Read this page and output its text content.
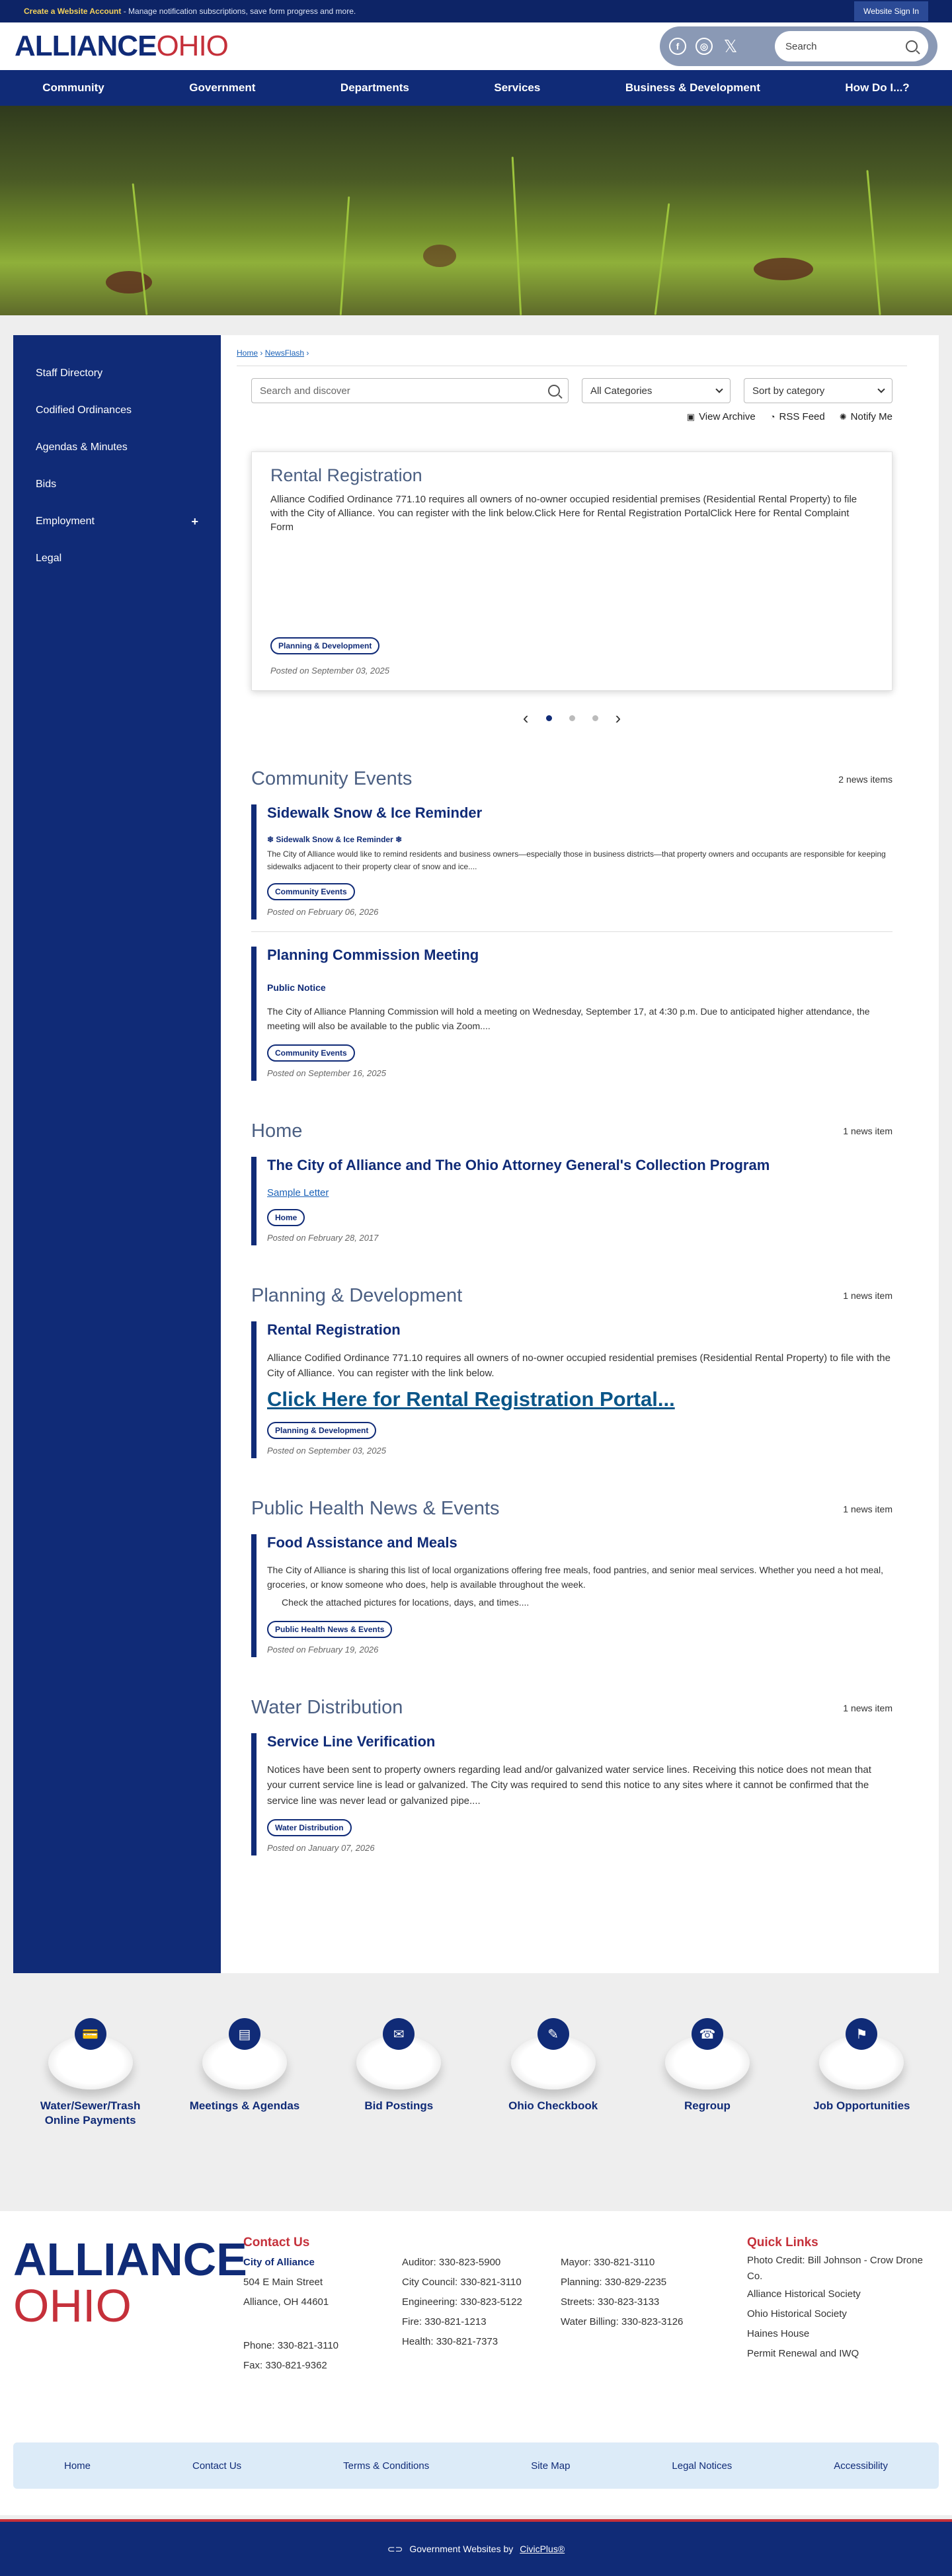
Create a Website Account - Manage notification subscriptions, save form progress and more.	Website Sign In
ALLIANCEOHIO	f	◎ 𝕏	Search
Community	Government	Departments	Services	Business & Development	How Do I...?
Staff Directory
Codified Ordinances
Agendas & Minutes
Bids
Employment	+
Legal
Home › NewsFlash ›
Search and discover	All Categories	Sort by category
▣ View Archive ◔ RSS Feed ✺ Notify Me
Rental Registration

Alliance Codified Ordinance 771.10 requires all owners of no-owner occupied residential premises (Residential Rental Property) to file with the City of Alliance. You can register with the link below.Click Here for Rental Registration PortalClick Here for Rental Complaint Form

Planning & Development
Posted on September 03, 2025
‹	›
Community Events	2 news items
Sidewalk Snow & Ice Reminder
❄ Sidewalk Snow & Ice Reminder ❄
The City of Alliance would like to remind residents and business owners—especially those in business districts—that property owners and occupants are responsible for keeping sidewalks adjacent to their property clear of snow and ice....
Community Events
Posted on February 06, 2026
Planning Commission Meeting
Public Notice
The City of Alliance Planning Commission will hold a meeting on Wednesday, September 17, at 4:30 p.m. Due to anticipated higher attendance, the meeting will also be available to the public via Zoom....
Community Events
Posted on September 16, 2025
Home	1 news item
The City of Alliance and The Ohio Attorney General's Collection Program
Sample Letter
Home
Posted on February 28, 2017
Planning & Development	1 news item
Rental Registration
Alliance Codified Ordinance 771.10 requires all owners of no-owner occupied residential premises (Residential Rental Property) to file with the City of Alliance. You can register with the link below.
Click Here for Rental Registration Portal...
Planning & Development
Posted on September 03, 2025
Public Health News & Events	1 news item
Food Assistance and Meals
The City of Alliance is sharing this list of local organizations offering free meals, food pantries, and senior meal services. Whether you need a hot meal, groceries, or know someone who does, help is available throughout the week.
Check the attached pictures for locations, days, and times....
Public Health News & Events
Posted on February 19, 2026
Water Distribution	1 news item
Service Line Verification
Notices have been sent to property owners regarding lead and/or galvanized water service lines. Receiving this notice does not mean that your current service line is lead or galvanized. The City was required to send this notice to any sites where it cannot be confirmed that the service line was never lead or galvanized pipe....
Water Distribution
Posted on January 07, 2026
💳
Water/Sewer/Trash Online Payments
▤
Meetings & Agendas
✉
Bid Postings
✎
Ohio Checkbook
☎
Regroup
⚑
Job Opportunities
ALLIANCE
OHIO
Contact Us
City of Alliance
504 E Main Street
Alliance, OH 44601
Phone: 330-821-3110
Fax: 330-821-9362
Auditor: 330-823-5900
City Council: 330-821-3110
Engineering: 330-823-5122
Fire: 330-821-1213
Health: 330-821-7373
Mayor: 330-821-3110
Planning: 330-829-2235
Streets: 330-823-3133
Water Billing: 330-823-3126
Quick Links
Photo Credit: Bill Johnson - Crow Drone Co.
Alliance Historical Society
Ohio Historical Society
Haines House
Permit Renewal and IWQ
Home	Contact Us	Terms & Conditions	Site Map	Legal Notices	Accessibility
⊂⊃ Government Websites by CivicPlus®
